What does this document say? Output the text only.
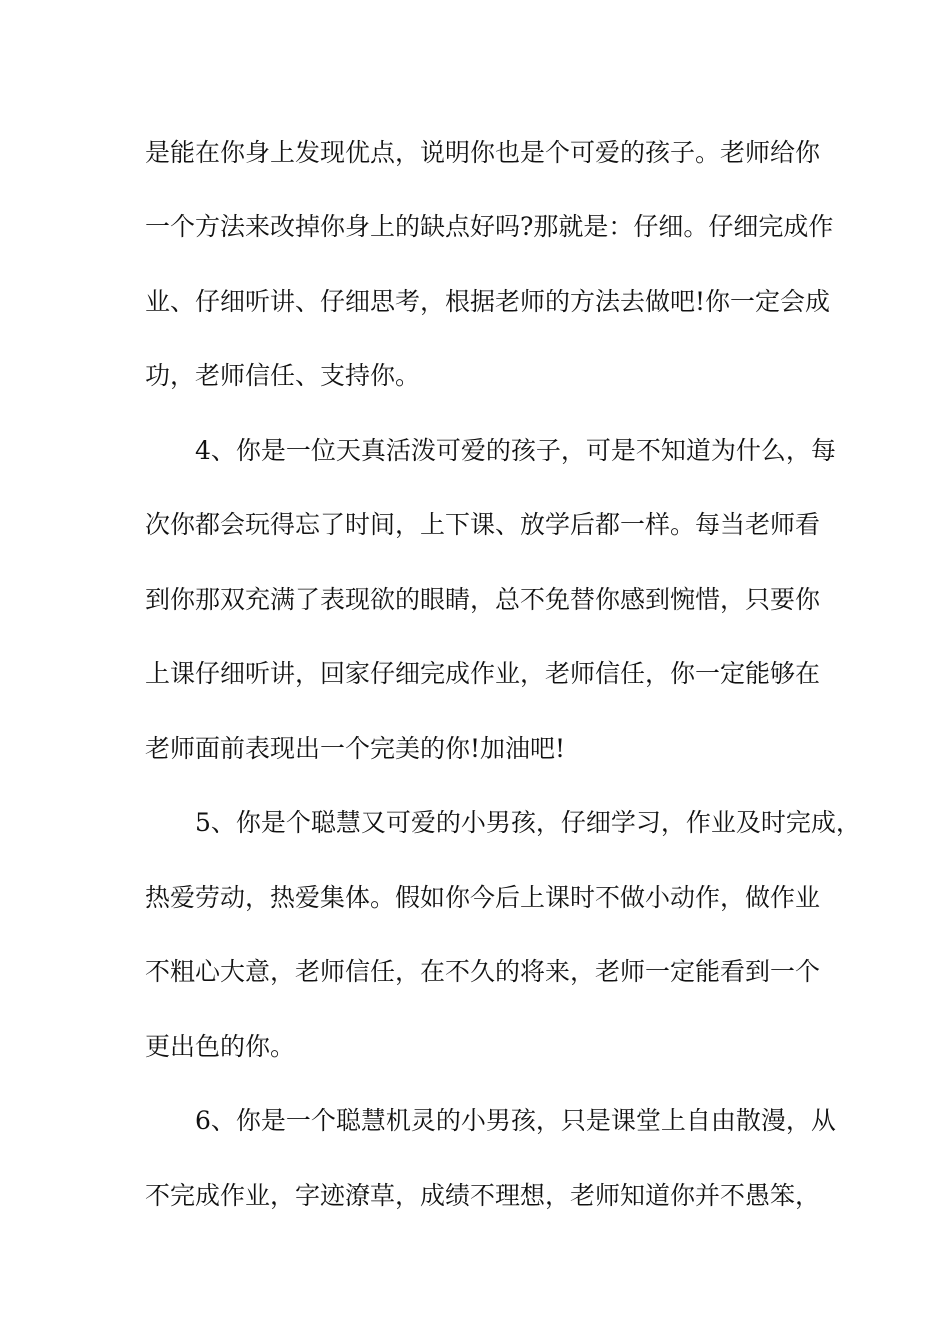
是能在你身上发现优点，说明你也是个可爱的孩子。老师给你
一个方法来改掉你身上的缺点好吗?那就是：仔细。仔细完成作
业、仔细听讲、仔细思考，根据老师的方法去做吧!你一定会成
功，老师信任、支持你。
4、你是一位天真活泼可爱的孩子，可是不知道为什么，每
次你都会玩得忘了时间，上下课、放学后都一样。每当老师看
到你那双充满了表现欲的眼睛，总不免替你感到惋惜，只要你
上课仔细听讲，回家仔细完成作业，老师信任，你一定能够在
老师面前表现出一个完美的你!加油吧!
5、你是个聪慧又可爱的小男孩，仔细学习，作业及时完成，
热爱劳动，热爱集体。假如你今后上课时不做小动作，做作业
不粗心大意，老师信任，在不久的将来，老师一定能看到一个
更出色的你。
6、你是一个聪慧机灵的小男孩，只是课堂上自由散漫，从
不完成作业，字迹潦草，成绩不理想，老师知道你并不愚笨，
